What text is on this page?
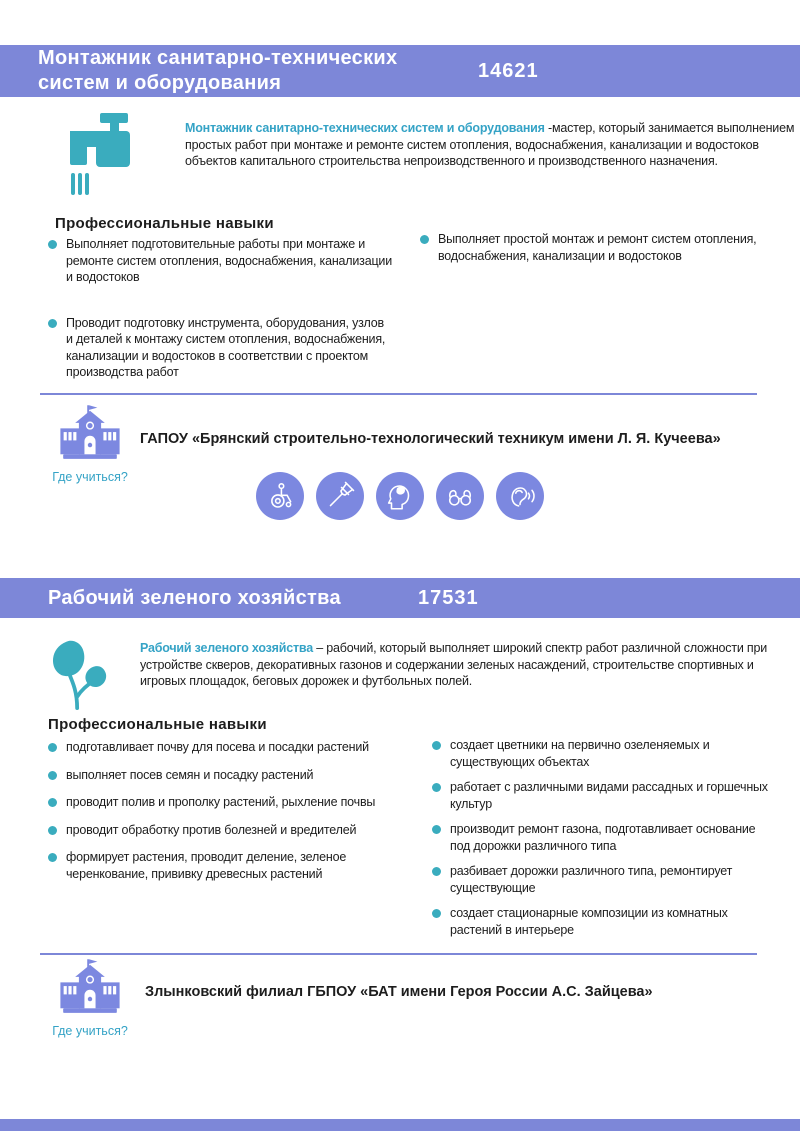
Монтажник санитарно-технических систем и оборудования
14621
Монтажник санитарно-технических систем и оборудования -мастер, который занимается выполнением простых работ при монтаже и ремонте систем отопления, водоснабжения, канализации и водостоков объектов капитального строительства непроизводственного и производственного назначения.
Профессиональные навыки
Выполняет подготовительные работы при монтаже и ремонте систем отопления, водоснабжения, канализации и водостоков
Проводит подготовку инструмента, оборудования, узлов и деталей к монтажу систем отопления, водоснабжения, канализации и водостоков в соответствии с проектом производства работ
Выполняет простой монтаж и ремонт систем отопления, водоснабжения, канализации и водостоков
Где учиться?
ГАПОУ «Брянский строительно-технологический техникум имени Л. Я. Кучеева»
Рабочий зеленого хозяйства	17531
Рабочий зеленого хозяйства – рабочий, который выполняет широкий спектр работ различной сложности при устройстве скверов, декоративных газонов и содержании зеленых насаждений, строительстве спортивных и игровых площадок, беговых дорожек и футбольных полей.
Профессиональные навыки
подготавливает почву для посева и посадки растений
выполняет посев семян и посадку растений
проводит полив и прополку растений, рыхление почвы
проводит обработку против болезней и вредителей
формирует растения, проводит деление, зеленое черенкование, прививку древесных растений
создает цветники на первично озеленяемых и существующих объектах
работает с различными видами рассадных и горшечных культур
производит ремонт газона, подготавливает основание под дорожки различного типа
разбивает дорожки различного типа, ремонтирует существующие
создает стационарные композиции из комнатных растений в интерьере
Где учиться?
Злынковский филиал ГБПОУ «БАТ имени Героя России А.С. Зайцева»
